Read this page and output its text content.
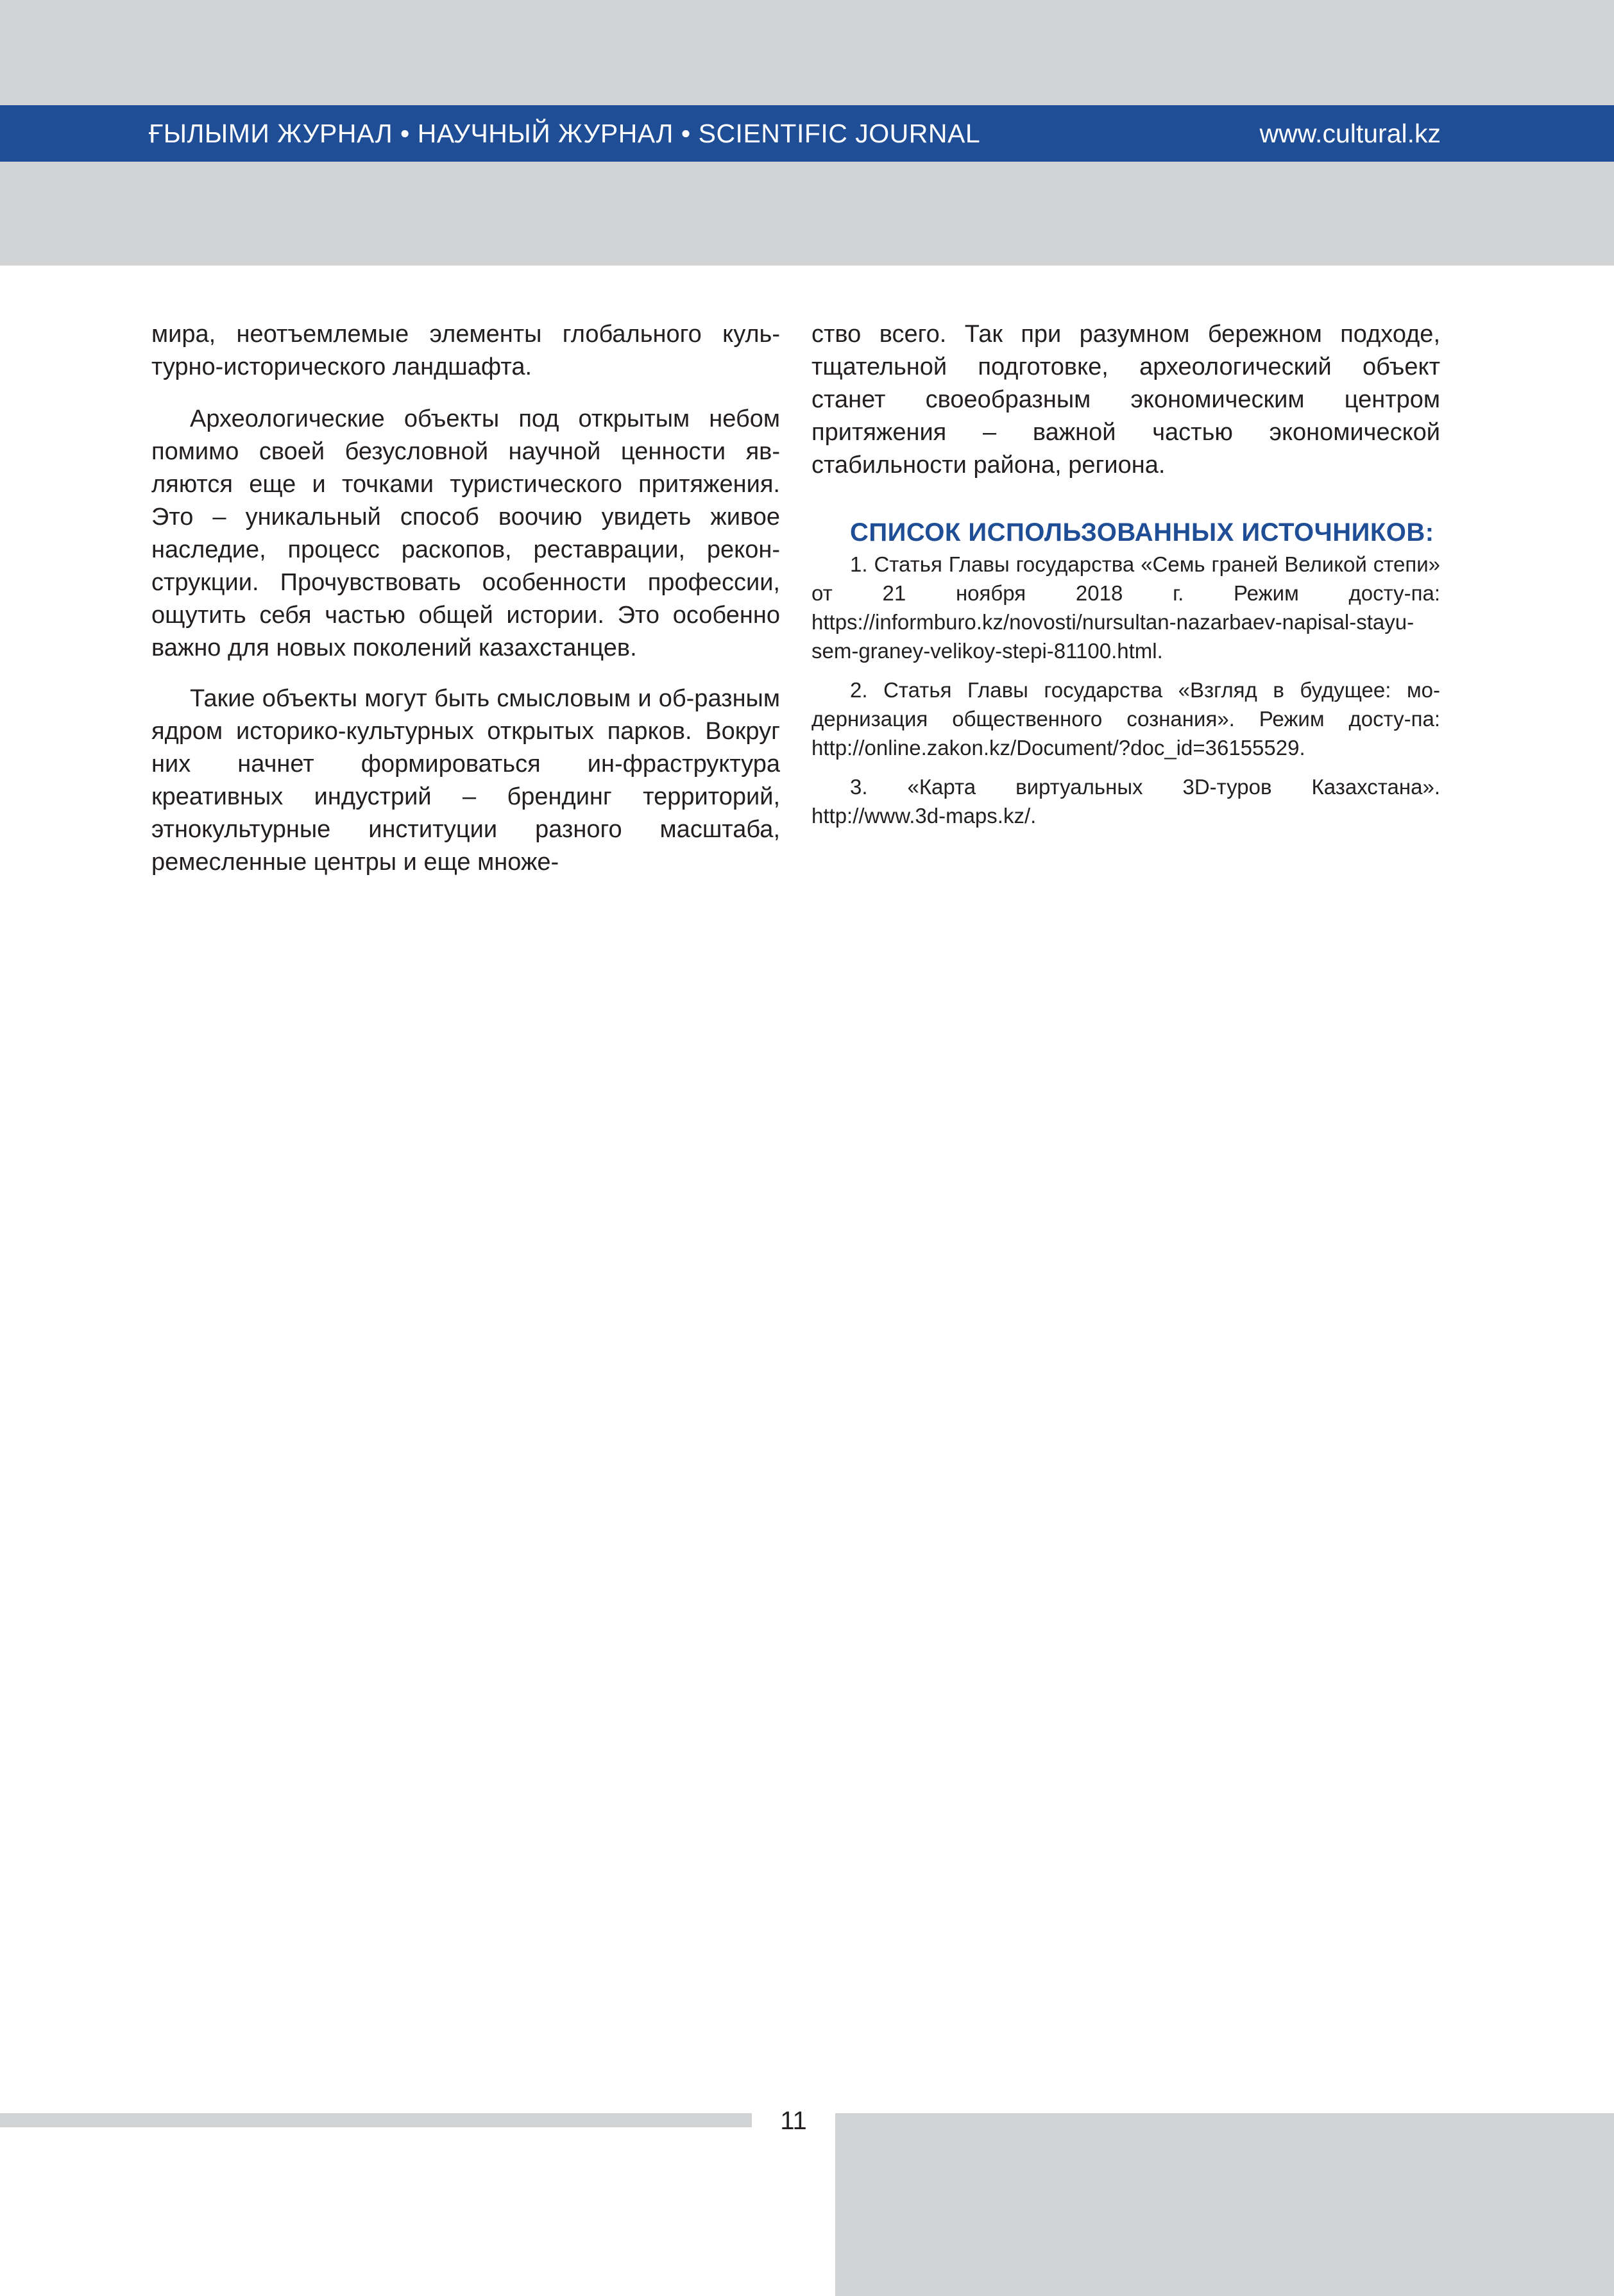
ҒЫЛЫМИ ЖУРНАЛ • НАУЧНЫЙ ЖУРНАЛ • SCIENTIFIC JOURNAL	www.cultural.kz

мира, неотъемлемые элементы глобального куль-турно-исторического ландшафта.

Археологические объекты под открытым небом помимо своей безусловной научной ценности яв-ляются еще и точками туристического притяжения. Это – уникальный способ воочию увидеть живое наследие, процесс раскопов, реставрации, рекон-струкции. Прочувствовать особенности профессии, ощутить себя частью общей истории. Это особенно важно для новых поколений казахстанцев.

Такие объекты могут быть смысловым и об-разным ядром историко-культурных открытых парков. Вокруг них начнет формироваться ин-фраструктура креативных индустрий – брендинг территорий, этнокультурные институции разного масштаба, ремесленные центры и еще множе-

ство всего. Так при разумном бережном подходе, тщательной подготовке, археологический объект станет своеобразным экономическим центром притяжения – важной частью экономической стабильности района, региона.

СПИСОК ИСПОЛЬЗОВАННЫХ ИСТОЧНИКОВ:

1. Статья Главы государства «Семь граней Великой степи» от 21 ноября 2018 г. Режим досту-па: https://informburo.kz/novosti/nursultan-nazarbaev-napisal-stayu-sem-graney-velikoy-stepi-81100.html.

2. Статья Главы государства «Взгляд в будущее: мо-дернизация общественного сознания». Режим досту-па: http://online.zakon.kz/Document/?doc_id=36155529.

3. «Карта виртуальных 3D-туров Казахстана». http://www.3d-maps.kz/.

11
